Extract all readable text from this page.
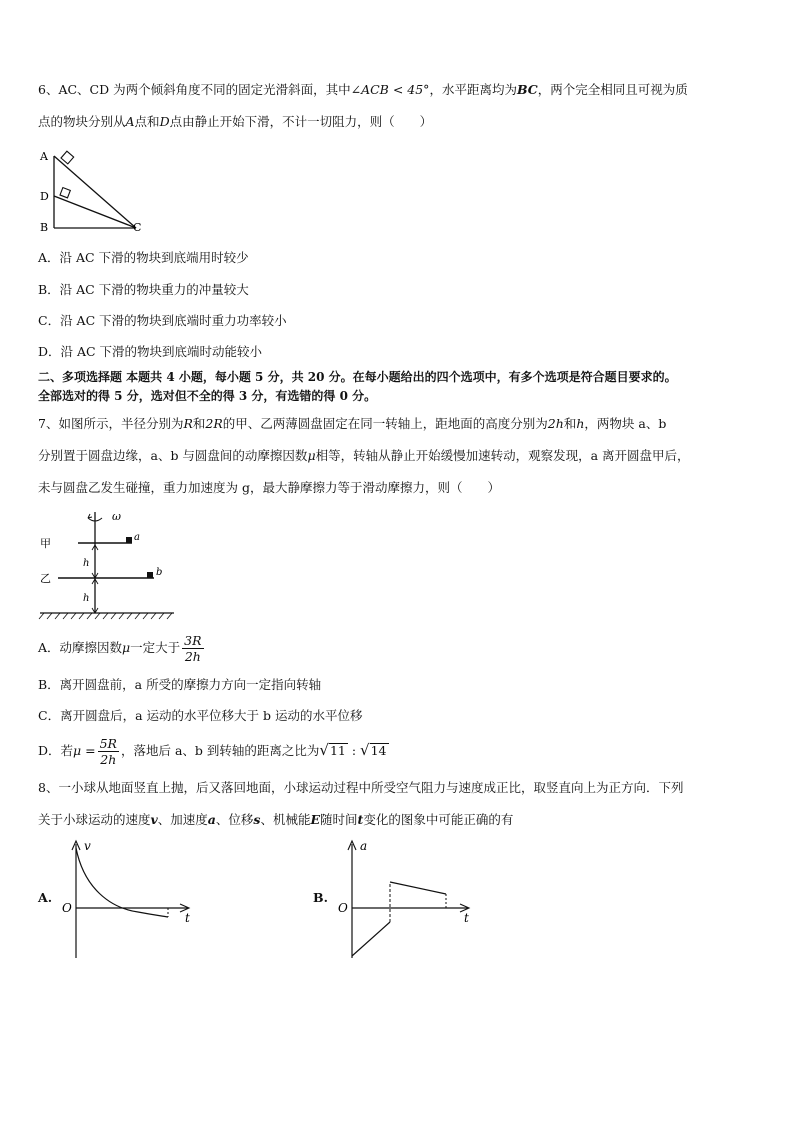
6、AC、CD 为两个倾斜角度不同的固定光滑斜面，其中∠ACB < 45°，水平距离均为BC，两个完全相同且可视为质
点的物块分别从A点和D点由静止开始下滑，不计一切阻力，则（　　）
A
D
B	C
A．沿 AC 下滑的物块到底端用时较少
B．沿 AC 下滑的物块重力的冲量较大
C．沿 AC 下滑的物块到底端时重力功率较小
D．沿 AC 下滑的物块到底端时动能较小
二、多项选择题 本题共 4 小题，每小题 5 分，共 20 分。在每小题给出的四个选项中，有多个选项是符合题目要求的。
全部选对的得 5 分，选对但不全的得 3 分，有选错的得 0 分。
7、如图所示，半径分别为R和2R的甲、乙两薄圆盘固定在同一转轴上，距地面的高度分别为2h和h，两物块 a、b
分别置于圆盘边缘，a、b 与圆盘间的动摩擦因数μ相等，转轴从静止开始缓慢加速转动，观察发现，a 离开圆盘甲后，
未与圆盘乙发生碰撞，重力加速度为 g，最大静摩擦力等于滑动摩擦力，则（　　）
ω
a
甲
b
乙
h
h
A．动摩擦因数μ一定大于 $\frac{3R}{2h}$
B．离开圆盘前，a 所受的摩擦力方向一定指向转轴
C．离开圆盘后，a 运动的水平位移大于 b 运动的水平位移
D．若$\mu = \frac{5R}{2h}$ ，落地后 a、b 到转轴的距离之比为√11 : √14
8、一小球从地面竖直上抛，后又落回地面，小球运动过程中所受空气阻力与速度成正比，取竖直向上为正方向．下列
关于小球运动的速度v、加速度a、位移s、机械能E随时间t变化的图象中可能正确的有
A.
v
t
O
B.
a
t
O
